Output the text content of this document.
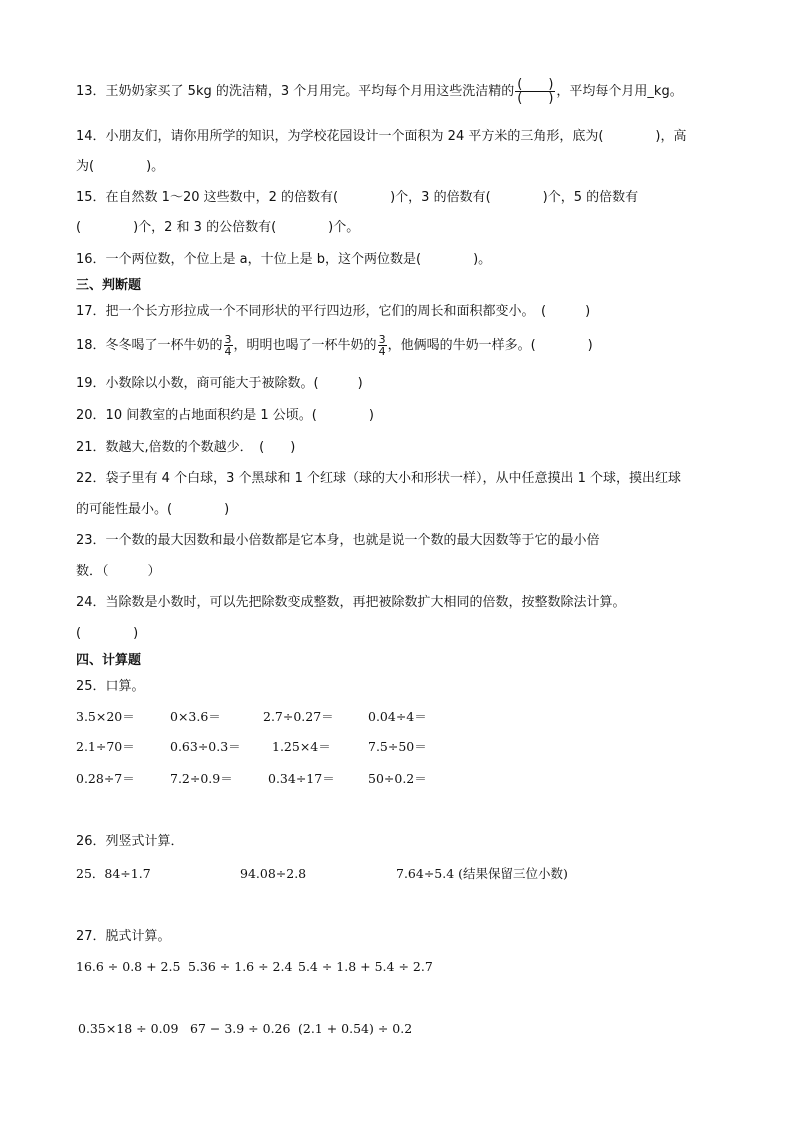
13．王奶奶家买了 5kg 的洗洁精，3 个月用完。平均每个月用这些洗洁精的 $\frac{( )}{( )}$ ，平均每个月用_kg。
14．小朋友们，请你用所学的知识，为学校花园设计一个面积为 24 平方米的三角形，底为(　　　　)，高
为(　　　　)。
15．在自然数 1～20 这些数中，2 的倍数有(　　　　)个，3 的倍数有(　　　　)个，5 的倍数有
(　　　　)个，2 和 3 的公倍数有(　　　　)个。
16．一个两位数，个位上是 a，十位上是 b，这个两位数是(　　　　)。
三、判断题
17．把一个长方形拉成一个不同形状的平行四边形，它们的周长和面积都变小。　(　　　)
18．冬冬喝了一杯牛奶的 $\frac{3}{4}$ ，明明也喝了一杯牛奶的 $\frac{3}{4}$ ，他俩喝的牛奶一样多。(　　　　)
19．小数除以小数，商可能大于被除数。(　　　)
20．10 间教室的占地面积约是 1 公顷。(　　　　)
21．数越大,倍数的个数越少．　(　　)
22．袋子里有 4 个白球，3 个黑球和 1 个红球（球的大小和形状一样），从中任意摸出 1 个球，摸出红球
的可能性最小。(　　　　)
23．一个数的最大因数和最小倍数都是它本身，也就是说一个数的最大因数等于它的最小倍
数．（　　　）
24．当除数是小数时，可以先把除数变成整数，再把被除数扩大相同的倍数，按整数除法计算。
(　　　　)
四、计算题
25．口算。
3.5×20＝	0×3.6＝	2.7÷0.27＝	0.04÷4＝
2.1÷70＝	0.63÷0.3＝	1.25×4＝	7.5÷50＝
0.28÷7＝	7.2÷0.9＝	0.34÷17＝	50÷0.2＝
26．列竖式计算．
25．84÷1.7	94.08÷2.8	7.64÷5.4 (结果保留三位小数)
27．脱式计算。
16.6 ÷ 0.8 + 2.5 5.36 ÷ 1.6 ÷ 2.4 5.4 ÷ 1.8 + 5.4 ÷ 2.7
0.35×18 ÷ 0.09 67 − 3.9 ÷ 0.26 (2.1 + 0.54) ÷ 0.2
